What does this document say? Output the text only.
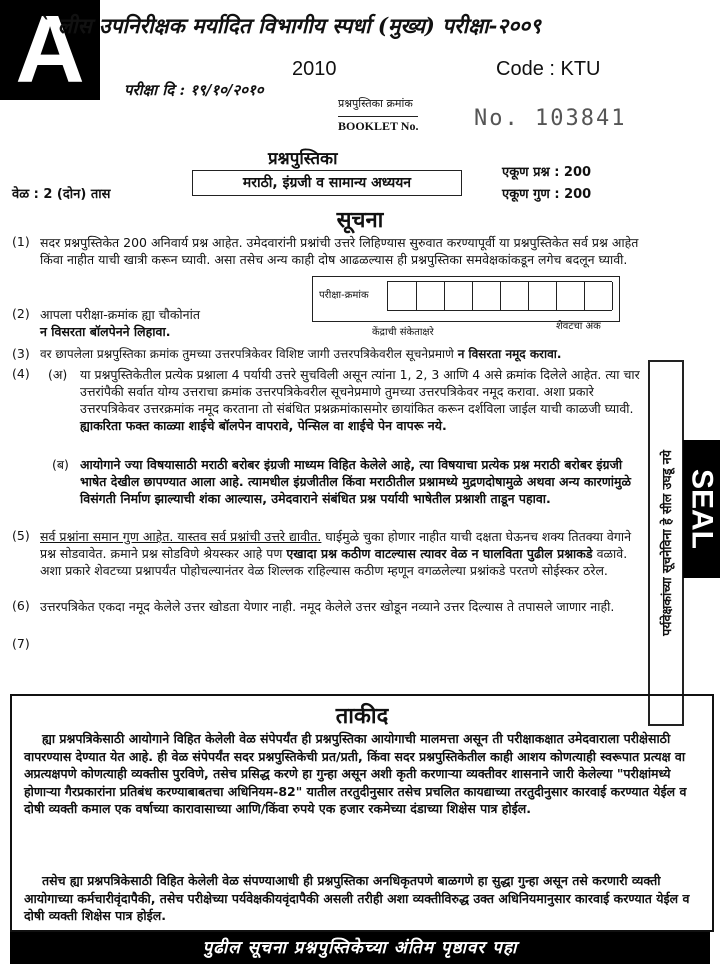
` लीस उपनिरीक्षक मर्यादित विभागीय स्पर्धा (मुख्य) परीक्षा-२००९
A	परीक्षा दि : १९/१०/२०१०
2010	Code : KTU
प्रश्नपुस्तिका क्रमांक
BOOKLET No.	No. 103841
प्रश्नपुस्तिका
मराठी, इंग्रजी व सामान्य अध्ययन
वेळ : 2 (दोन) तास
एकूण प्रश्न : 200
एकूण गुण : 200
सूचना
(1) सदर प्रश्नपुस्तिकेत 200 अनिवार्य प्रश्न आहेत. उमेदवारांनी प्रश्नांची उत्तरे लिहिण्यास सुरुवात करण्यापूर्वी या प्रश्नपुस्तिकेत सर्व प्रश्न आहेत किंवा नाहीत याची खात्री करून घ्यावी. असा तसेच अन्य काही दोष आढळल्यास ही प्रश्नपुस्तिका समवेक्षकांकडून लगेच बदलून घ्यावी.
परीक्षा-क्रमांक
केंद्राची संकेताक्षरे
शेवटचा अंक
(2) आपला परीक्षा-क्रमांक ह्या चौकोनांत
न विसरता बॉलपेनने लिहावा.
(3) वर छापलेला प्रश्नपुस्तिका क्रमांक तुमच्या उत्तरपत्रिकेवर विशिष्ट जागी उत्तरपत्रिकेवरील सूचनेप्रमाणे न विसरता नमूद करावा.
(4) (अ) या प्रश्नपुस्तिकेतील प्रत्येक प्रश्नाला 4 पर्यायी उत्तरे सुचविली असून त्यांना 1, 2, 3 आणि 4 असे क्रमांक दिलेले आहेत. त्या चार उत्तरांपैकी सर्वात योग्य उत्तराचा क्रमांक उत्तरपत्रिकेवरील सूचनेप्रमाणे तुमच्या उत्तरपत्रिकेवर नमूद करावा. अशा प्रकारे उत्तरपत्रिकेवर उत्तरक्रमांक नमूद करताना तो संबंधित प्रश्नक्रमांकासमोर छायांकित करून दर्शविला जाईल याची काळजी घ्यावी. ह्याकरिता फक्त काळ्या शाईचे बॉलपेन वापरावे, पेन्सिल वा शाईचे पेन वापरू नये.
(ब) आयोगाने ज्या विषयासाठी मराठी बरोबर इंग्रजी माध्यम विहित केलेले आहे, त्या विषयाचा प्रत्येक प्रश्न मराठी बरोबर इंग्रजी भाषेत देखील छापण्यात आला आहे. त्यामधील इंग्रजीतील किंवा मराठीतील प्रश्नामध्ये मुद्रणदोषामुळे अथवा अन्य कारणांमुळे विसंगती निर्माण झाल्याची शंका आल्यास, उमेदवाराने संबंधित प्रश्न पर्यायी भाषेतील प्रश्नाशी ताडून पहावा.
(5) सर्व प्रश्नांना समान गुण आहेत. यास्तव सर्व प्रश्नांची उत्तरे द्यावीत. घाईमुळे चुका होणार नाहीत याची दक्षता घेऊनच शक्य तितक्या वेगाने प्रश्न सोडवावेत. क्रमाने प्रश्न सोडविणे श्रेयस्कर आहे पण एखादा प्रश्न कठीण वाटल्यास त्यावर वेळ न घालविता पुढील प्रश्नाकडे वळावे. अशा प्रकारे शेवटच्या प्रश्नापर्यंत पोहोचल्यानंतर वेळ शिल्लक राहिल्यास कठीण म्हणून वगळलेल्या प्रश्नांकडे परतणे सोईस्कर ठरेल.
(6) उत्तरपत्रिकेत एकदा नमूद केलेले उत्तर खोडता येणार नाही. नमूद केलेले उत्तर खोडून नव्याने उत्तर दिल्यास ते तपासले जाणार नाही.
(7)
पर्यवेक्षकांच्या सूचनेविना हे सील उघडू नये SEAL
ताकीद
ह्या प्रश्नपत्रिकेसाठी आयोगाने विहित केलेली वेळ संपेपर्यंत ही प्रश्नपुस्तिका आयोगाची मालमत्ता असून ती परीक्षाकक्षात उमेदवाराला परीक्षेसाठी वापरण्यास देण्यात येत आहे. ही वेळ संपेपर्यंत सदर प्रश्नपुस्तिकेची प्रत/प्रती, किंवा सदर प्रश्नपुस्तिकेतील काही आशय कोणत्याही स्वरूपात प्रत्यक्ष वा अप्रत्यक्षपणे कोणत्याही व्यक्तीस पुरविणे, तसेच प्रसिद्ध करणे हा गुन्हा असून अशी कृती करणाऱ्या व्यक्तीवर शासनाने जारी केलेल्या "परीक्षांमध्ये होणाऱ्या गैरप्रकारांना प्रतिबंध करण्याबाबतचा अधिनियम-82" यातील तरतुदीनुसार तसेच प्रचलित कायद्याच्या तरतुदीनुसार कारवाई करण्यात येईल व दोषी व्यक्ती कमाल एक वर्षाच्या कारावासाच्या आणि/किंवा रुपये एक हजार रकमेच्या दंडाच्या शिक्षेस पात्र होईल.
तसेच ह्या प्रश्नपत्रिकेसाठी विहित केलेली वेळ संपण्याआधी ही प्रश्नपुस्तिका अनधिकृतपणे बाळगणे हा सुद्धा गुन्हा असून तसे करणारी व्यक्ती आयोगाच्या कर्मचारीवृंदापैकी, तसेच परीक्षेच्या पर्यवेक्षकीयवृंदापैकी असली तरीही अशा व्यक्तीविरुद्ध उक्त अधिनियमानुसार कारवाई करण्यात येईल व दोषी व्यक्ती शिक्षेस पात्र होईल.
पुढील सूचना प्रश्नपुस्तिकेच्या अंतिम पृष्ठावर पहा
